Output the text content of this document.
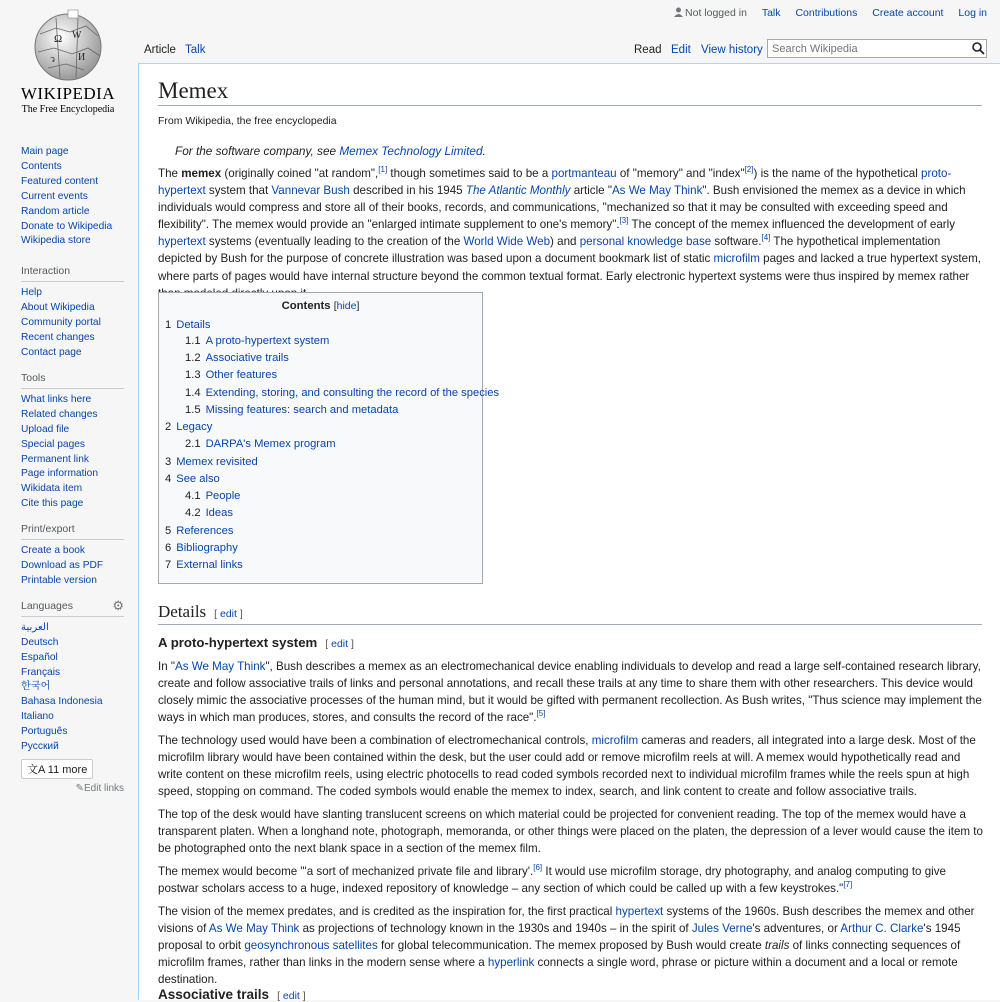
Ω W
И
ว
WIKIPEDIA
The Free Encyclopedia
Not logged in Talk Contributions Create account Log in
Article Talk	Read Edit View history
Search Wikipedia
Main page
Contents
Featured content
Current events
Random article
Donate to Wikipedia
Wikipedia store
Interaction
Help
About Wikipedia
Community portal
Recent changes
Contact page
Tools
What links here
Related changes
Upload file
Special pages
Permanent link
Page information
Wikidata item
Cite this page
Print/export
Create a book
Download as PDF
Printable version
Languages	⚙
العربية
Deutsch
Español
Français
한국어
Bahasa Indonesia
Italiano
Português
Русский
文A 11 more
✎Edit links
Memex
From Wikipedia, the free encyclopedia
For the software company, see Memex Technology Limited.

The memex (originally coined "at random",[1] though sometimes said to be a portmanteau of "memory" and "index"[2]) is the name of the hypothetical proto-hypertext system that Vannevar Bush described in his 1945 The Atlantic Monthly article "As We May Think". Bush envisioned the memex as a device in which individuals would compress and store all of their books, records, and communications, "mechanized so that it may be consulted with exceeding speed and flexibility". The memex would provide an "enlarged intimate supplement to one's memory".[3] The concept of the memex influenced the development of early hypertext systems (eventually leading to the creation of the World Wide Web) and personal knowledge base software.[4] The hypothetical implementation depicted by Bush for the purpose of concrete illustration was based upon a document bookmark list of static microfilm pages and lacked a true hypertext system, where parts of pages would have internal structure beyond the common textual format. Early electronic hypertext systems were thus inspired by memex rather

Contents [hide]
1 Details
1.1 A proto-hypertext system
1.2 Associative trails
1.3 Other features
1.4 Extending, storing, and consulting the record of the species
1.5 Missing features: search and metadata
2 Legacy
2.1 DARPA's Memex program
3 Memex revisited
4 See also
4.1 People
4.2 Ideas
5 References
6 Bibliography
7 External links
Details [ edit ]
A proto-hypertext system [ edit ]

In "As We May Think", Bush describes a memex as an electromechanical device enabling individuals to develop and read a large self-contained research library, create and follow associative trails of links and personal annotations, and recall these trails at any time to share them with other researchers. This device would closely mimic the associative processes of the human mind, but it would be gifted with permanent recollection. As Bush writes, "Thus science may implement the ways in which man produces, stores, and consults the record of the race".[5]

The technology used would have been a combination of electromechanical controls, microfilm cameras and readers, all integrated into a large desk. Most of the microfilm library would have been contained within the desk, but the user could add or remove microfilm reels at will. A memex would hypothetically read and write content on these microfilm reels, using electric photocells to read coded symbols recorded next to individual microfilm frames while the reels spun at high speed, stopping on command. The coded symbols would enable the memex to index, search, and link content to create and follow associative trails.

The top of the desk would have slanting translucent screens on which material could be projected for convenient reading. The top of the memex would have a transparent platen. When a longhand note, photograph, memoranda, or other things were placed on the platen, the depression of a lever would cause the item to be photographed onto the next blank space in a section of the memex film.

The memex would become "'a sort of mechanized private file and library'.[6] It would use microfilm storage, dry photography, and analog computing to give postwar scholars access to a huge, indexed repository of knowledge – any section of which could be called up with a few keystrokes."[7]

The vision of the memex predates, and is credited as the inspiration for, the first practical hypertext systems of the 1960s. Bush describes the memex and other visions of As We May Think as projections of technology known in the 1930s and 1940s – in the spirit of Jules Verne's adventures, or Arthur C. Clarke's 1945 proposal to orbit geosynchronous satellites for global telecommunication. The memex proposed by Bush would create trails of links connecting sequences of microfilm frames, rather than links in the modern sense where a hyperlink connects a single word, phrase or picture within a document and a local or remote destination.

Associative trails [ edit ]
